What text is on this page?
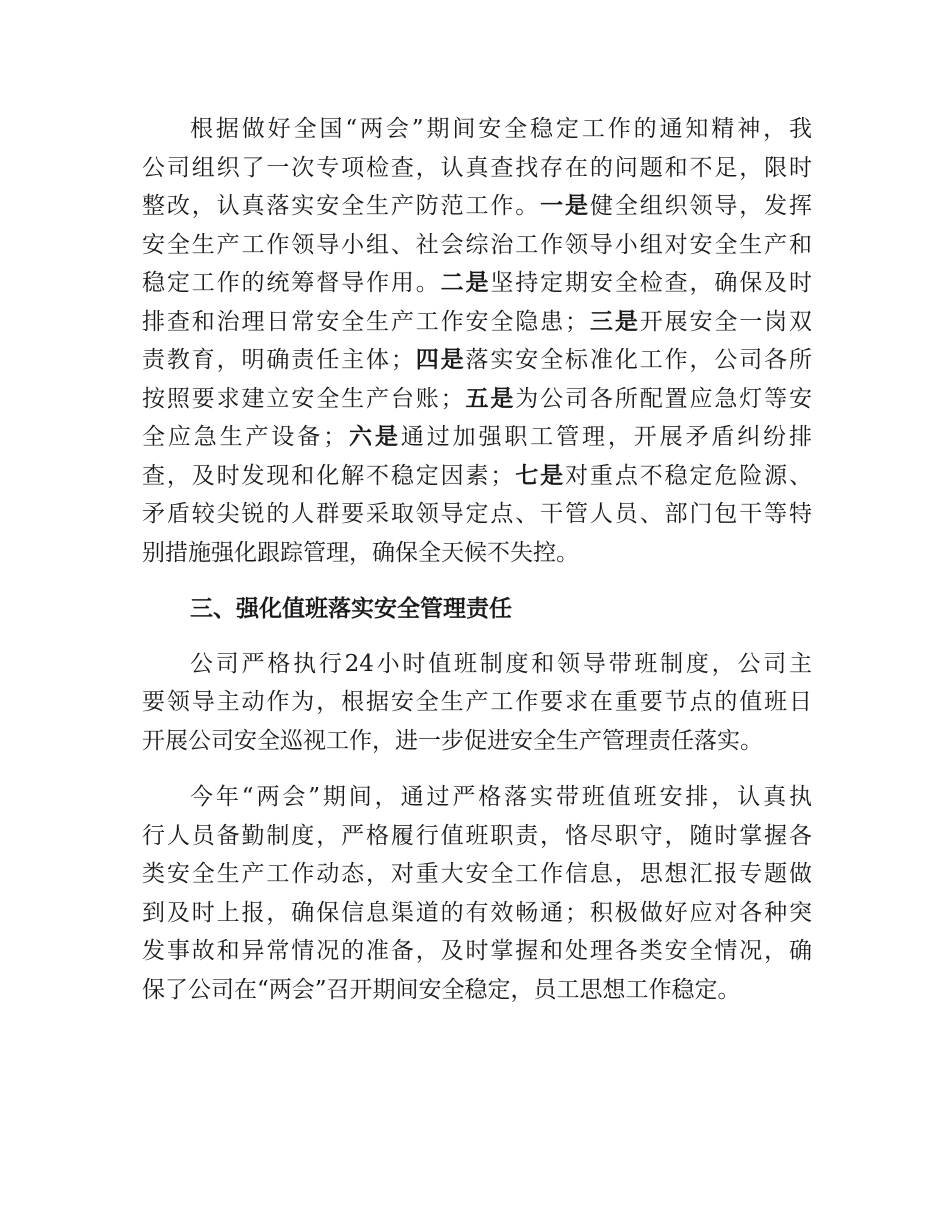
根据做好全国“两会”期间安全稳定工作的通知精神，我
公司组织了一次专项检查，认真查找存在的问题和不足，限时
整改，认真落实安全生产防范工作。一是健全组织领导，发挥
安全生产工作领导小组、社会综治工作领导小组对安全生产和
稳定工作的统筹督导作用。二是坚持定期安全检查，确保及时
排查和治理日常安全生产工作安全隐患；三是开展安全一岗双
责教育，明确责任主体；四是落实安全标准化工作，公司各所
按照要求建立安全生产台账；五是为公司各所配置应急灯等安
全应急生产设备；六是通过加强职工管理，开展矛盾纠纷排
查，及时发现和化解不稳定因素；七是对重点不稳定危险源、
矛盾较尖锐的人群要采取领导定点、干管人员、部门包干等特
别措施强化跟踪管理，确保全天候不失控。
三、强化值班落实安全管理责任
公司严格执行24小时值班制度和领导带班制度，公司主
要领导主动作为，根据安全生产工作要求在重要节点的值班日
开展公司安全巡视工作，进一步促进安全生产管理责任落实。
今年“两会”期间，通过严格落实带班值班安排，认真执
行人员备勤制度，严格履行值班职责，恪尽职守，随时掌握各
类安全生产工作动态，对重大安全工作信息，思想汇报专题做
到及时上报，确保信息渠道的有效畅通；积极做好应对各种突
发事故和异常情况的准备，及时掌握和处理各类安全情况，确
保了公司在“两会”召开期间安全稳定，员工思想工作稳定。
